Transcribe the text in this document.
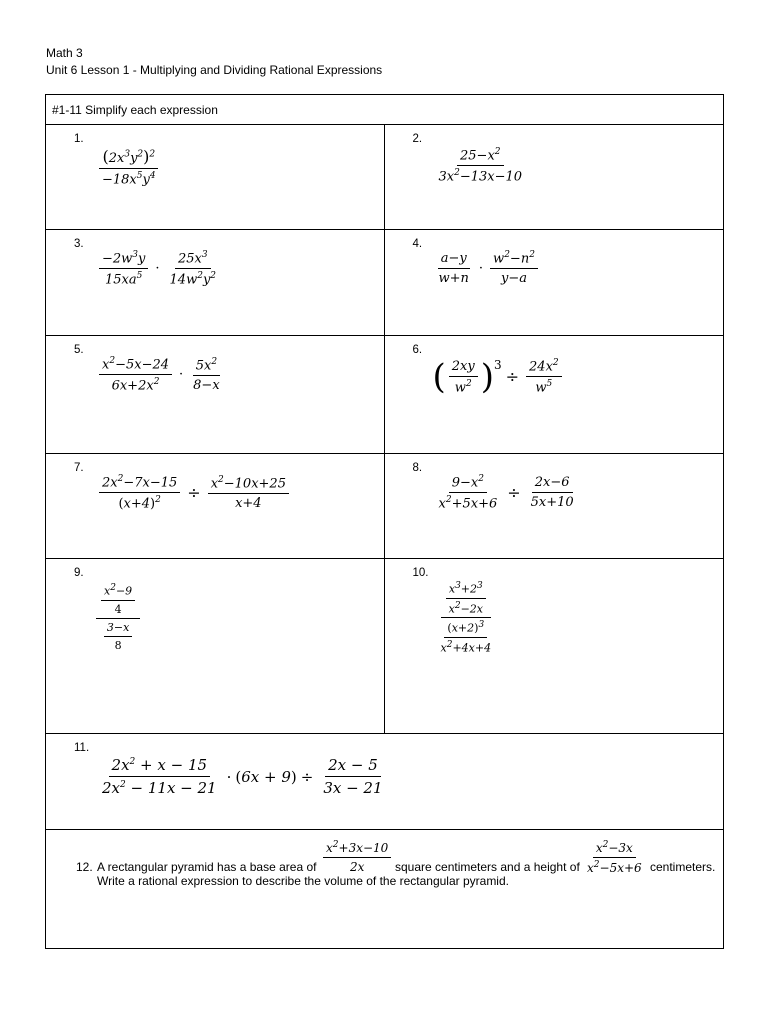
Math 3
Unit 6 Lesson 1 - Multiplying and Dividing Rational Expressions
#1-11 Simplify each expression
1.
$\frac{(2x^3y^2)^2}{-18x^5y^4}$
2.
$\frac{25-x^2}{3x^2-13x-10}$
3.
$\frac{-2w^3y}{15xa^5} \cdot \frac{25x^3}{14w^2y^2}$
4.
$\frac{a-y}{w+n} \cdot \frac{w^2-n^2}{y-a}$
5.
$\frac{x^2-5x-24}{6x+2x^2} \cdot \frac{5x^2}{8-x}$
6.
( $\frac{2xy}{w^2}$ ) 3
÷ $\frac{24x^2}{w^5}$
7.
$\frac{2x^2-7x-15}{(x+4)^2} \div \frac{x^2-10x+25}{x+4}$
8.
$\frac{9-x^2}{x^2+5x+6} \div \frac{2x-6}{5x+10}$
9.
$\frac{\frac{x^2-9}{4}}{\frac{3-x}{8}}$
10.
$\frac{\frac{x^3+2^3}{x^2-2x}}{\frac{(x+2)^3}{x^2+4x+4}}$
11.
$\frac{2x^2 + x - 15}{2x^2 - 11x - 21}$ · ( 6x + 9 ) ÷ $\frac{2x - 5}{3x - 21}$
12. A rectangular pyramid has a base area of $\frac{x^2+3x-10}{2x}$ square centimeters and a height of $\frac{x^2-3x}{x^2-5x+6}$ centimeters.
Write a rational expression to describe the volume of the rectangular pyramid.
